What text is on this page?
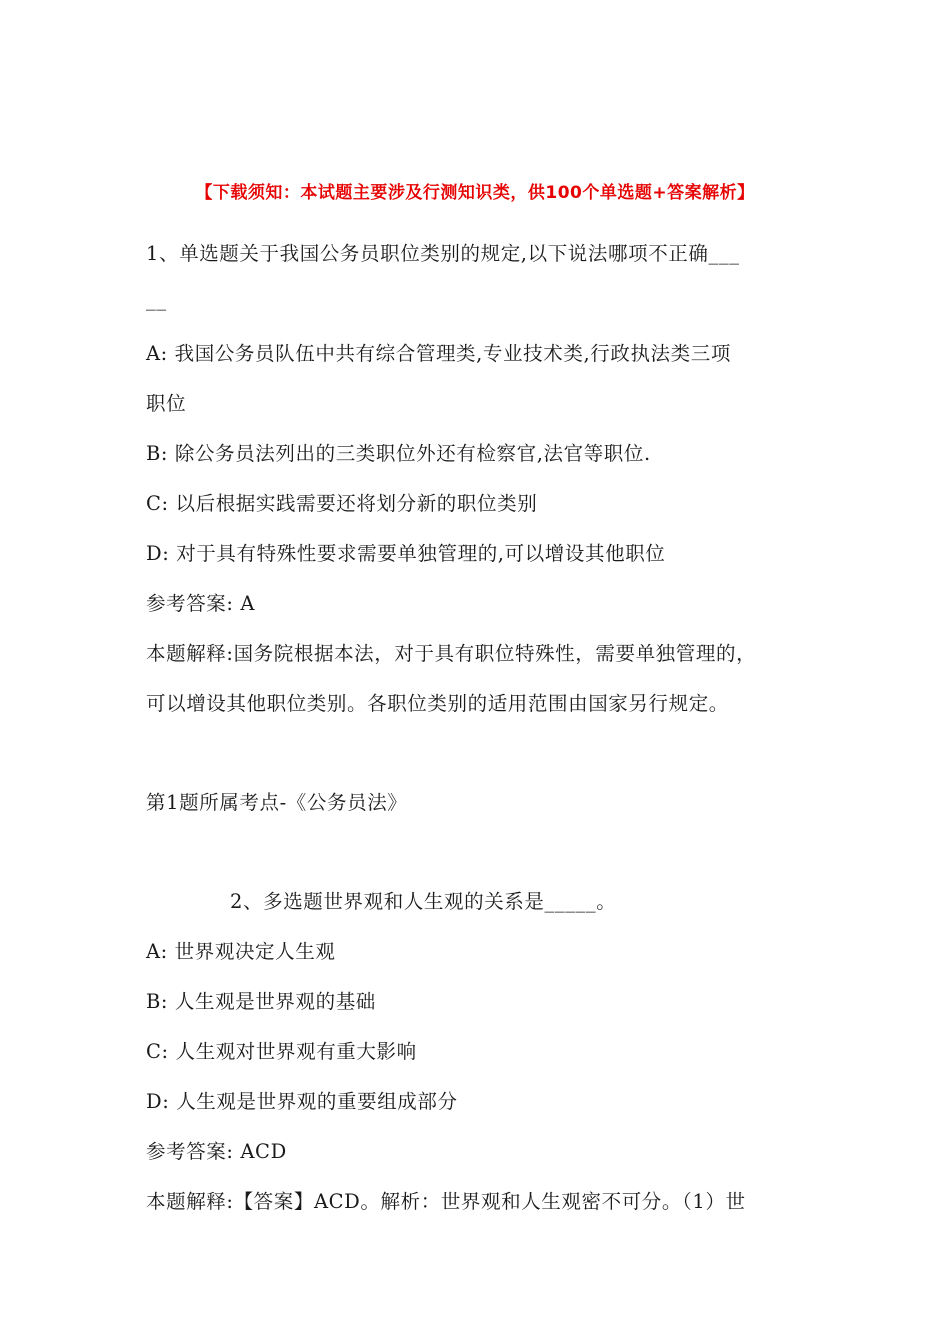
【下载须知：本试题主要涉及行测知识类，供100个单选题+答案解析】
1、单选题关于我国公务员职位类别的规定,以下说法哪项不正确___
__
A: 我国公务员队伍中共有综合管理类,专业技术类,行政执法类三项
职位
B: 除公务员法列出的三类职位外还有检察官,法官等职位.
C: 以后根据实践需要还将划分新的职位类别
D: 对于具有特殊性要求需要单独管理的,可以增设其他职位
参考答案: A
本题解释:国务院根据本法，对于具有职位特殊性，需要单独管理的，
可以增设其他职位类别。各职位类别的适用范围由国家另行规定。
第1题所属考点-《公务员法》
2、多选题世界观和人生观的关系是_____。
A: 世界观决定人生观
B: 人生观是世界观的基础
C: 人生观对世界观有重大影响
D: 人生观是世界观的重要组成部分
参考答案: ACD
本题解释:【答案】ACD。解析：世界观和人生观密不可分。（1）世
